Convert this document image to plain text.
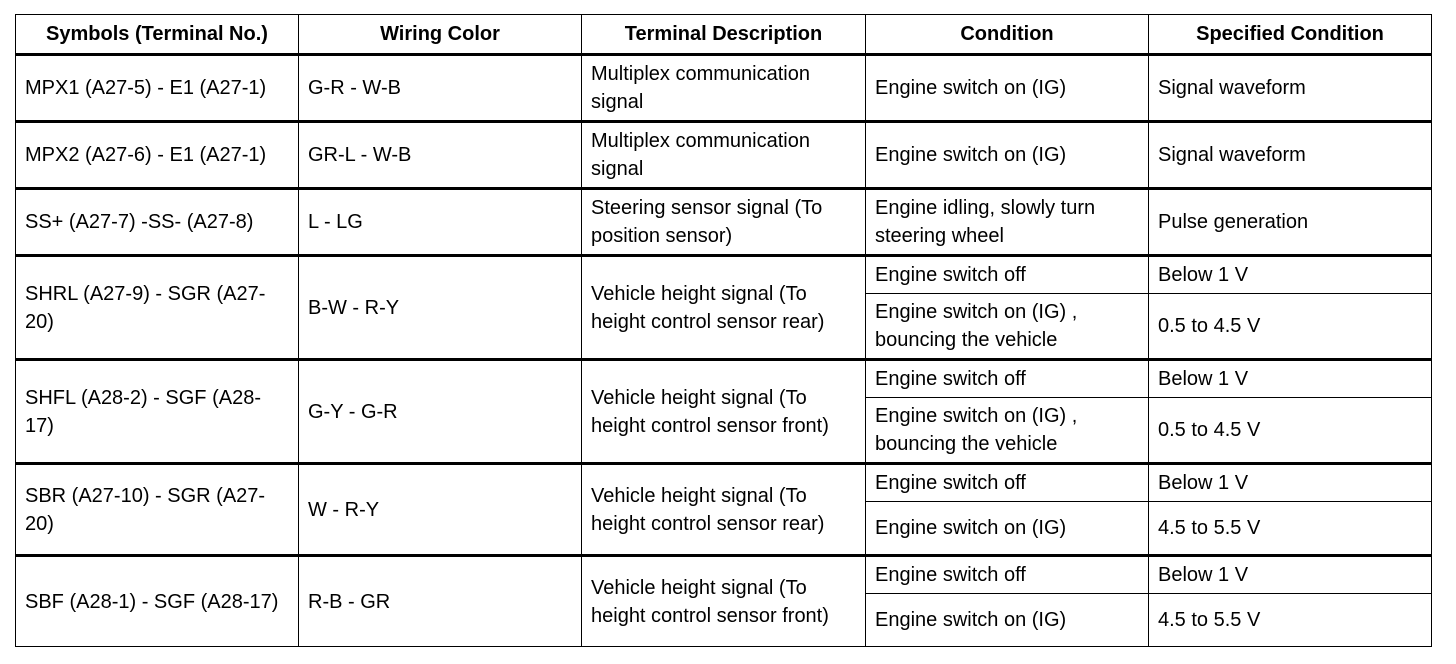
Symbols (Terminal No.)	Wiring Color	Terminal Description	Condition	Specified Condition
MPX1 (A27-5) - E1 (A27-1)	G-R - W-B	Multiplex communication signal	Engine switch on (IG)	Signal waveform
MPX2 (A27-6) - E1 (A27-1)	GR-L - W-B	Multiplex communication signal	Engine switch on (IG)	Signal waveform
SS+ (A27-7) -SS- (A27-8)	L - LG	Steering sensor signal (To position sensor)	Engine idling, slowly turn steering wheel	Pulse generation
SHRL (A27-9) - SGR (A27-20)	B-W - R-Y	Vehicle height signal (To height control sensor rear)	Engine switch off	Below 1 V
			Engine switch on (IG) , bouncing the vehicle	0.5 to 4.5 V
SHFL (A28-2) - SGF (A28-17)	G-Y - G-R	Vehicle height signal (To height control sensor front)	Engine switch off	Below 1 V
			Engine switch on (IG) , bouncing the vehicle	0.5 to 4.5 V
SBR (A27-10) - SGR (A27-20)	W - R-Y	Vehicle height signal (To height control sensor rear)	Engine switch off	Below 1 V
			Engine switch on (IG)	4.5 to 5.5 V
SBF (A28-1) - SGF (A28-17)	R-B - GR	Vehicle height signal (To height control sensor front)	Engine switch off	Below 1 V
			Engine switch on (IG)	4.5 to 5.5 V
